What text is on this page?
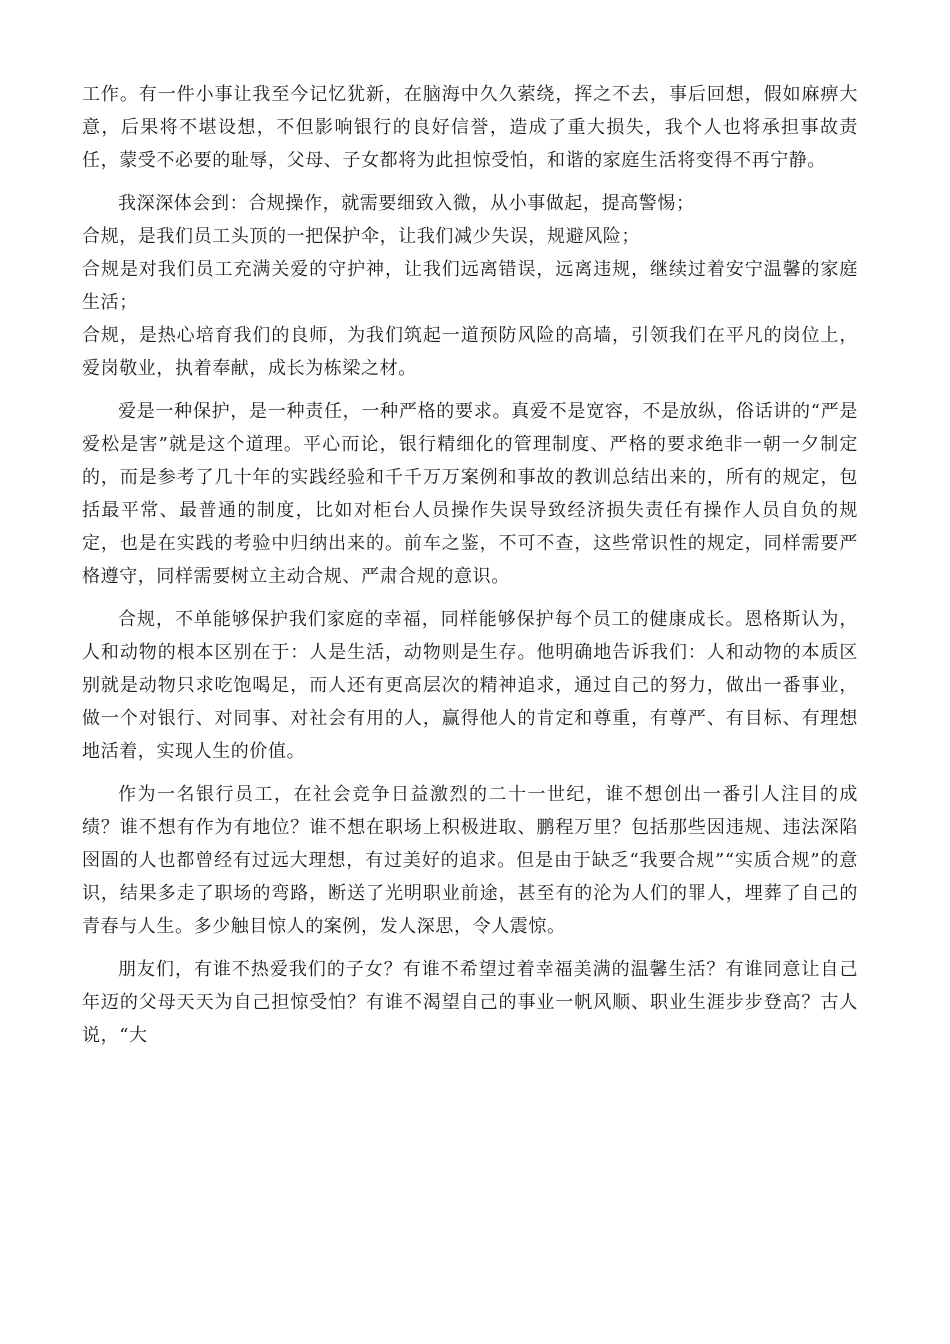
工作。有一件小事让我至今记忆犹新，在脑海中久久萦绕，挥之不去，事后回想，假如麻痹大意，后果将不堪设想，不但影响银行的良好信誉，造成了重大损失，我个人也将承担事故责任，蒙受不必要的耻辱，父母、子女都将为此担惊受怕，和谐的家庭生活将变得不再宁静。

我深深体会到：合规操作，就需要细致入微，从小事做起，提高警惕；

合规，是我们员工头顶的一把保护伞，让我们减少失误，规避风险；

合规是对我们员工充满关爱的守护神，让我们远离错误，远离违规，继续过着安宁温馨的家庭生活；

合规，是热心培育我们的良师，为我们筑起一道预防风险的高墙，引领我们在平凡的岗位上，爱岗敬业，执着奉献，成长为栋梁之材。

爱是一种保护，是一种责任，一种严格的要求。真爱不是宽容，不是放纵，俗话讲的“严是爱松是害”就是这个道理。平心而论，银行精细化的管理制度、严格的要求绝非一朝一夕制定的，而是参考了几十年的实践经验和千千万万案例和事故的教训总结出来的，所有的规定，包括最平常、最普通的制度，比如对柜台人员操作失误导致经济损失责任有操作人员自负的规定，也是在实践的考验中归纳出来的。前车之鉴，不可不查，这些常识性的规定，同样需要严格遵守，同样需要树立主动合规、严肃合规的意识。

合规，不单能够保护我们家庭的幸福，同样能够保护每个员工的健康成长。恩格斯认为，人和动物的根本区别在于：人是生活，动物则是生存。他明确地告诉我们：人和动物的本质区别就是动物只求吃饱喝足，而人还有更高层次的精神追求，通过自己的努力，做出一番事业，做一个对银行、对同事、对社会有用的人，赢得他人的肯定和尊重，有尊严、有目标、有理想地活着，实现人生的价值。

作为一名银行员工，在社会竞争日益激烈的二十一世纪，谁不想创出一番引人注目的成绩？谁不想有作为有地位？谁不想在职场上积极进取、鹏程万里？包括那些因违规、违法深陷囹圄的人也都曾经有过远大理想，有过美好的追求。但是由于缺乏“我要合规”“实质合规”的意识，结果多走了职场的弯路，断送了光明职业前途，甚至有的沦为人们的罪人，埋葬了自己的青春与人生。多少触目惊人的案例，发人深思，令人震惊。

朋友们，有谁不热爱我们的子女？有谁不希望过着幸福美满的温馨生活？有谁同意让自己年迈的父母天天为自己担惊受怕？有谁不渴望自己的事业一帆风顺、职业生涯步步登高？古人说，“大
